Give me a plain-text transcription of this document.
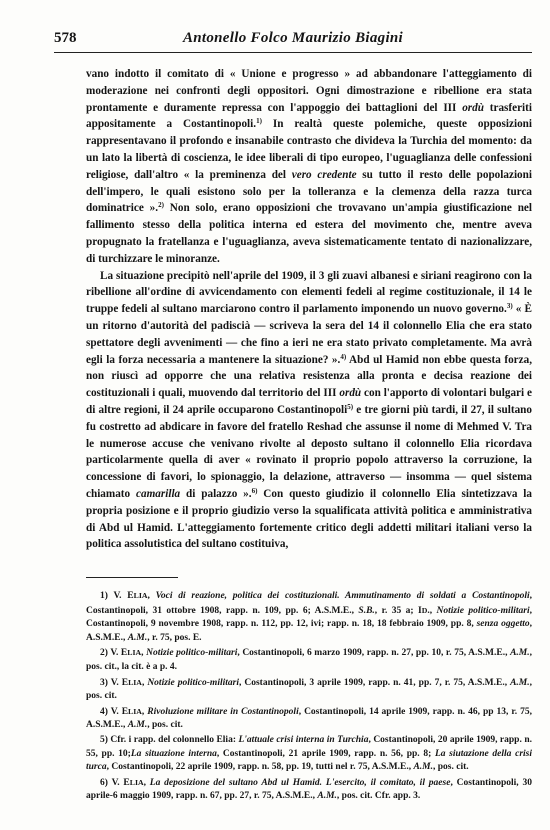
578	Antonello Folco Maurizio Biagini

vano indotto il comitato di « Unione e progresso » ad abbandonare l'atteggiamento di moderazione nei confronti degli oppositori. Ogni dimostrazione e ribellione era stata prontamente e duramente repressa con l'appoggio dei battaglioni del III ordù trasferiti appositamente a Costantinopoli.$^{1)}$ In realtà queste polemiche, queste opposizioni rappresentavano il profondo e insanabile contrasto che divideva la Turchia del momento: da un lato la libertà di coscienza, le idee liberali di tipo europeo, l'uguaglianza delle confessioni religiose, dall'altro « la preminenza del vero credente su tutto il resto delle popolazioni dell'impero, le quali esistono solo per la tolleranza e la clemenza della razza turca dominatrice ».$^{2)}$ Non solo, erano opposizioni che trovavano un'ampia giustificazione nel fallimento stesso della politica interna ed estera del movimento che, mentre aveva propugnato la fratellanza e l'uguaglianza, aveva sistematicamente tentato di nazionalizzare, di turchizzare le minoranze.

La situazione precipitò nell'aprile del 1909, il 3 gli zuavi albanesi e siriani reagirono con la ribellione all'ordine di avvicendamento con elementi fedeli al regime costituzionale, il 14 le truppe fedeli al sultano marciarono contro il parlamento imponendo un nuovo governo.$^{3)}$ « È un ritorno d'autorità del padiscià — scriveva la sera del 14 il colonnello Elia che era stato spettatore degli avvenimenti — che fino a ieri ne era stato privato completamente. Ma avrà egli la forza necessaria a mantenere la situazione? ».$^{4)}$ Abd ul Hamid non ebbe questa forza, non riuscì ad opporre che una relativa resistenza alla pronta e decisa reazione dei costituzionali i quali, muovendo dal territorio del III ordù con l'apporto di volontari bulgari e di altre regioni, il 24 aprile occuparono Costantinopoli$^{5)}$ e tre giorni più tardi, il 27, il sultano fu costretto ad abdicare in favore del fratello Reshad che assunse il nome di Mehmed V. Tra le numerose accuse che venivano rivolte al deposto sultano il colonnello Elia ricordava particolarmente quella di aver « rovinato il proprio popolo attraverso la corruzione, la concessione di favori, lo spionaggio, la delazione, attraverso — insomma — quel sistema chiamato camarilla di palazzo ».$^{6)}$ Con questo giudizio il colonnello Elia sintetizzava la propria posizione e il proprio giudizio verso la squalificata attività politica e amministrativa di Abd ul Hamid. L'atteggiamento fortemente critico degli addetti militari italiani verso la politica assolutistica del sultano costituiva,

1) V. ELIA, Voci di reazione, politica dei costituzionali. Ammutinamento di soldati a Costantinopoli, Costantinopoli, 31 ottobre 1908, rapp. n. 109, pp. 6; A.S.M.E., S.B., r. 35 a; ID., Notizie politico-militari, Costantinopoli, 9 novembre 1908, rapp. n. 112, pp. 12, ivi; rapp. n. 18, 18 febbraio 1909, pp. 8, senza oggetto, A.S.M.E., A.M., r. 75, pos. E.

2) V. ELIA, Notizie politico-militari, Costantinopoli, 6 marzo 1909, rapp. n. 27, pp. 10, r. 75, A.S.M.E., A.M., pos. cit., la cit. è a p. 4.

3) V. ELIA, Notizie politico-militari, Costantinopoli, 3 aprile 1909, rapp. n. 41, pp. 7, r. 75, A.S.M.E., A.M., pos. cit.

4) V. ELIA, Rivoluzione militare in Costantinopoli, Costantinopoli, 14 aprile 1909, rapp. n. 46, pp 13, r. 75, A.S.M.E., A.M., pos. cit.

5) Cfr. i rapp. del colonnello Elia: L'attuale crisi interna in Turchia, Costantinopoli, 20 aprile 1909, rapp. n. 55, pp. 10;La situazione interna, Costantinopoli, 21 aprile 1909, rapp. n. 56, pp. 8; La siutazione della crisi turca, Costantinopoli, 22 aprile 1909, rapp. n. 58, pp. 19, tutti nel r. 75, A.S.M.E., A.M., pos. cit.

6) V. ELIA, La deposizione del sultano Abd ul Hamid. L'esercito, il comitato, il paese, Costantinopoli, 30 aprile-6 maggio 1909, rapp. n. 67, pp. 27, r. 75, A.S.M.E., A.M., pos. cit. Cfr. app. 3.
